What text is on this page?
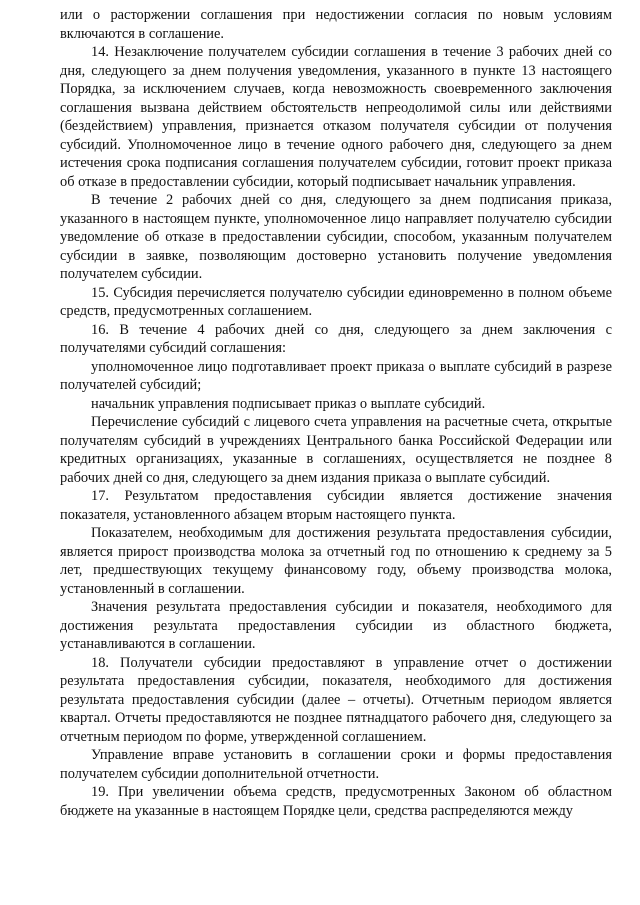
или о расторжении соглашения при недостижении согласия по новым условиям включаются в соглашение.

14. Незаключение получателем субсидии соглашения в течение 3 рабочих дней со дня, следующего за днем получения уведомления, указанного в пункте 13 настоящего Порядка, за исключением случаев, когда невозможность своевременного заключения соглашения вызвана действием обстоятельств непреодолимой силы или действиями (бездействием) управления, признается отказом получателя субсидии от получения субсидий. Уполномоченное лицо в течение одного рабочего дня, следующего за днем истечения срока подписания соглашения получателем субсидии, готовит проект приказа об отказе в предоставлении субсидии, который подписывает начальник управления.

В течение 2 рабочих дней со дня, следующего за днем подписания приказа, указанного в настоящем пункте, уполномоченное лицо направляет получателю субсидии уведомление об отказе в предоставлении субсидии, способом, указанным получателем субсидии в заявке, позволяющим достоверно установить получение уведомления получателем субсидии.

15. Субсидия перечисляется получателю субсидии единовременно в полном объеме средств, предусмотренных соглашением.

16. В течение 4 рабочих дней со дня, следующего за днем заключения с получателями субсидий соглашения:

уполномоченное лицо подготавливает проект приказа о выплате субсидий в разрезе получателей субсидий;

начальник управления подписывает приказ о выплате субсидий.

Перечисление субсидий с лицевого счета управления на расчетные счета, открытые получателям субсидий в учреждениях Центрального банка Российской Федерации или кредитных организациях, указанные в соглашениях, осуществляется не позднее 8 рабочих дней со дня, следующего за днем издания приказа о выплате субсидий.

17. Результатом предоставления субсидии является достижение значения показателя, установленного абзацем вторым настоящего пункта.

Показателем, необходимым для достижения результата предоставления субсидии, является прирост производства молока за отчетный год по отношению к среднему за 5 лет, предшествующих текущему финансовому году, объему производства молока, установленный в соглашении.

Значения результата предоставления субсидии и показателя, необходимого для достижения результата предоставления субсидии из областного бюджета, устанавливаются в соглашении.

18. Получатели субсидии предоставляют в управление отчет о достижении результата предоставления субсидии, показателя, необходимого для достижения результата предоставления субсидии (далее – отчеты). Отчетным периодом является квартал. Отчеты предоставляются не позднее пятнадцатого рабочего дня, следующего за отчетным периодом по форме, утвержденной соглашением.

Управление вправе установить в соглашении сроки и формы предоставления получателем субсидии дополнительной отчетности.

19. При увеличении объема средств, предусмотренных Законом об областном бюджете на указанные в настоящем Порядке цели, средства распределяются между
